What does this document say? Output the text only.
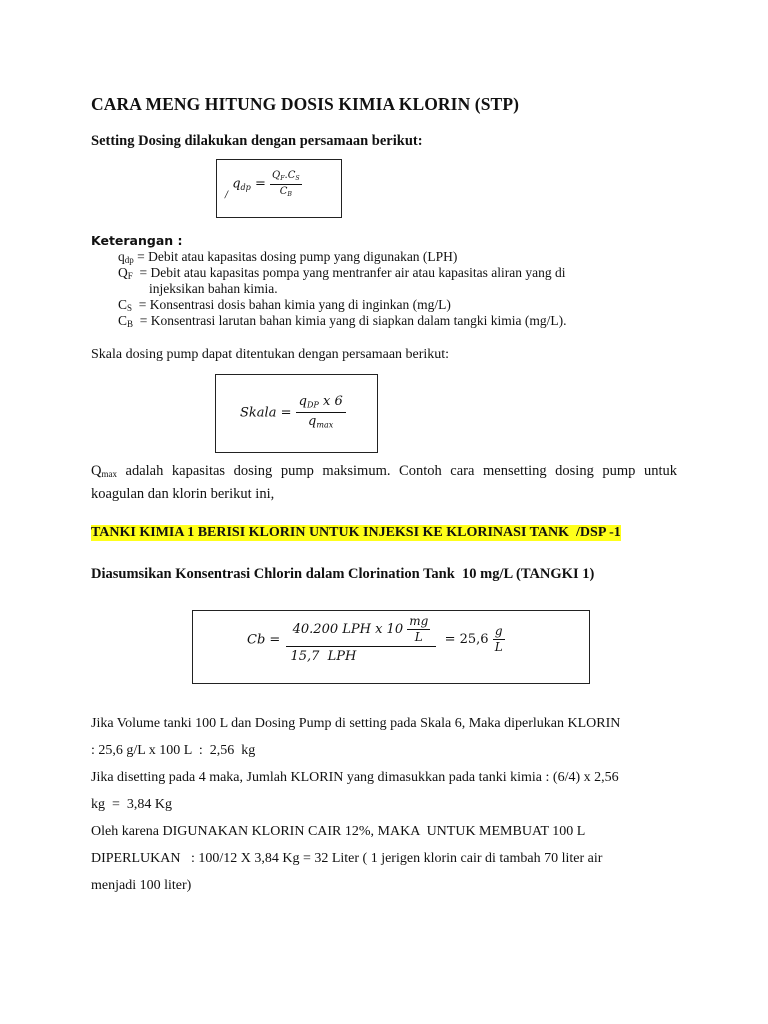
CARA MENG HITUNG DOSIS KIMIA KLORIN (STP)
Setting Dosing dilakukan dengan persamaan berikut:
$_/$ $q_{dp} = \frac{Q_F.C_S}{C_B}$
Keterangan :
qdp = Debit atau kapasitas dosing pump yang digunakan (LPH)
QF  = Debit atau kapasitas pompa yang mentranfer air atau kapasitas aliran yang di
injeksikan bahan kimia.
CS  = Konsentrasi dosis bahan kimia yang di inginkan (mg/L)
CB  = Konsentrasi larutan bahan kimia yang di siapkan dalam tangki kimia (mg/L).
Skala dosing pump dapat ditentukan dengan persamaan berikut:
Skala = $\frac{q_{DP} x 6}{q_{max}}$
Qmax adalah kapasitas dosing pump maksimum. Contoh cara mensetting dosing pump untuk
koagulan dan klorin berikut ini,
TANKI KIMIA 1 BERISI KLORIN UNTUK INJEKSI KE KLORINASI TANK  /DSP -1
Diasumsikan Konsentrasi Chlorin dalam Clorination Tank  10 mg/L (TANGKI 1)
$Cb = \frac{40.200 LPH x 10 \frac{mg}{L}}{\text{15,7  LPH}} = 25,6 \frac{g}{L}$
Jika Volume tanki 100 L dan Dosing Pump di setting pada Skala 6, Maka diperlukan KLORIN
: 25,6 g/L x 100 L  :  2,56  kg
Jika disetting pada 4 maka, Jumlah KLORIN yang dimasukkan pada tanki kimia : (6/4) x 2,56
kg  =  3,84 Kg
Oleh karena DIGUNAKAN KLORIN CAIR 12%, MAKA  UNTUK MEMBUAT 100 L
DIPERLUKAN   : 100/12 X 3,84 Kg = 32 Liter ( 1 jerigen klorin cair di tambah 70 liter air
menjadi 100 liter)
